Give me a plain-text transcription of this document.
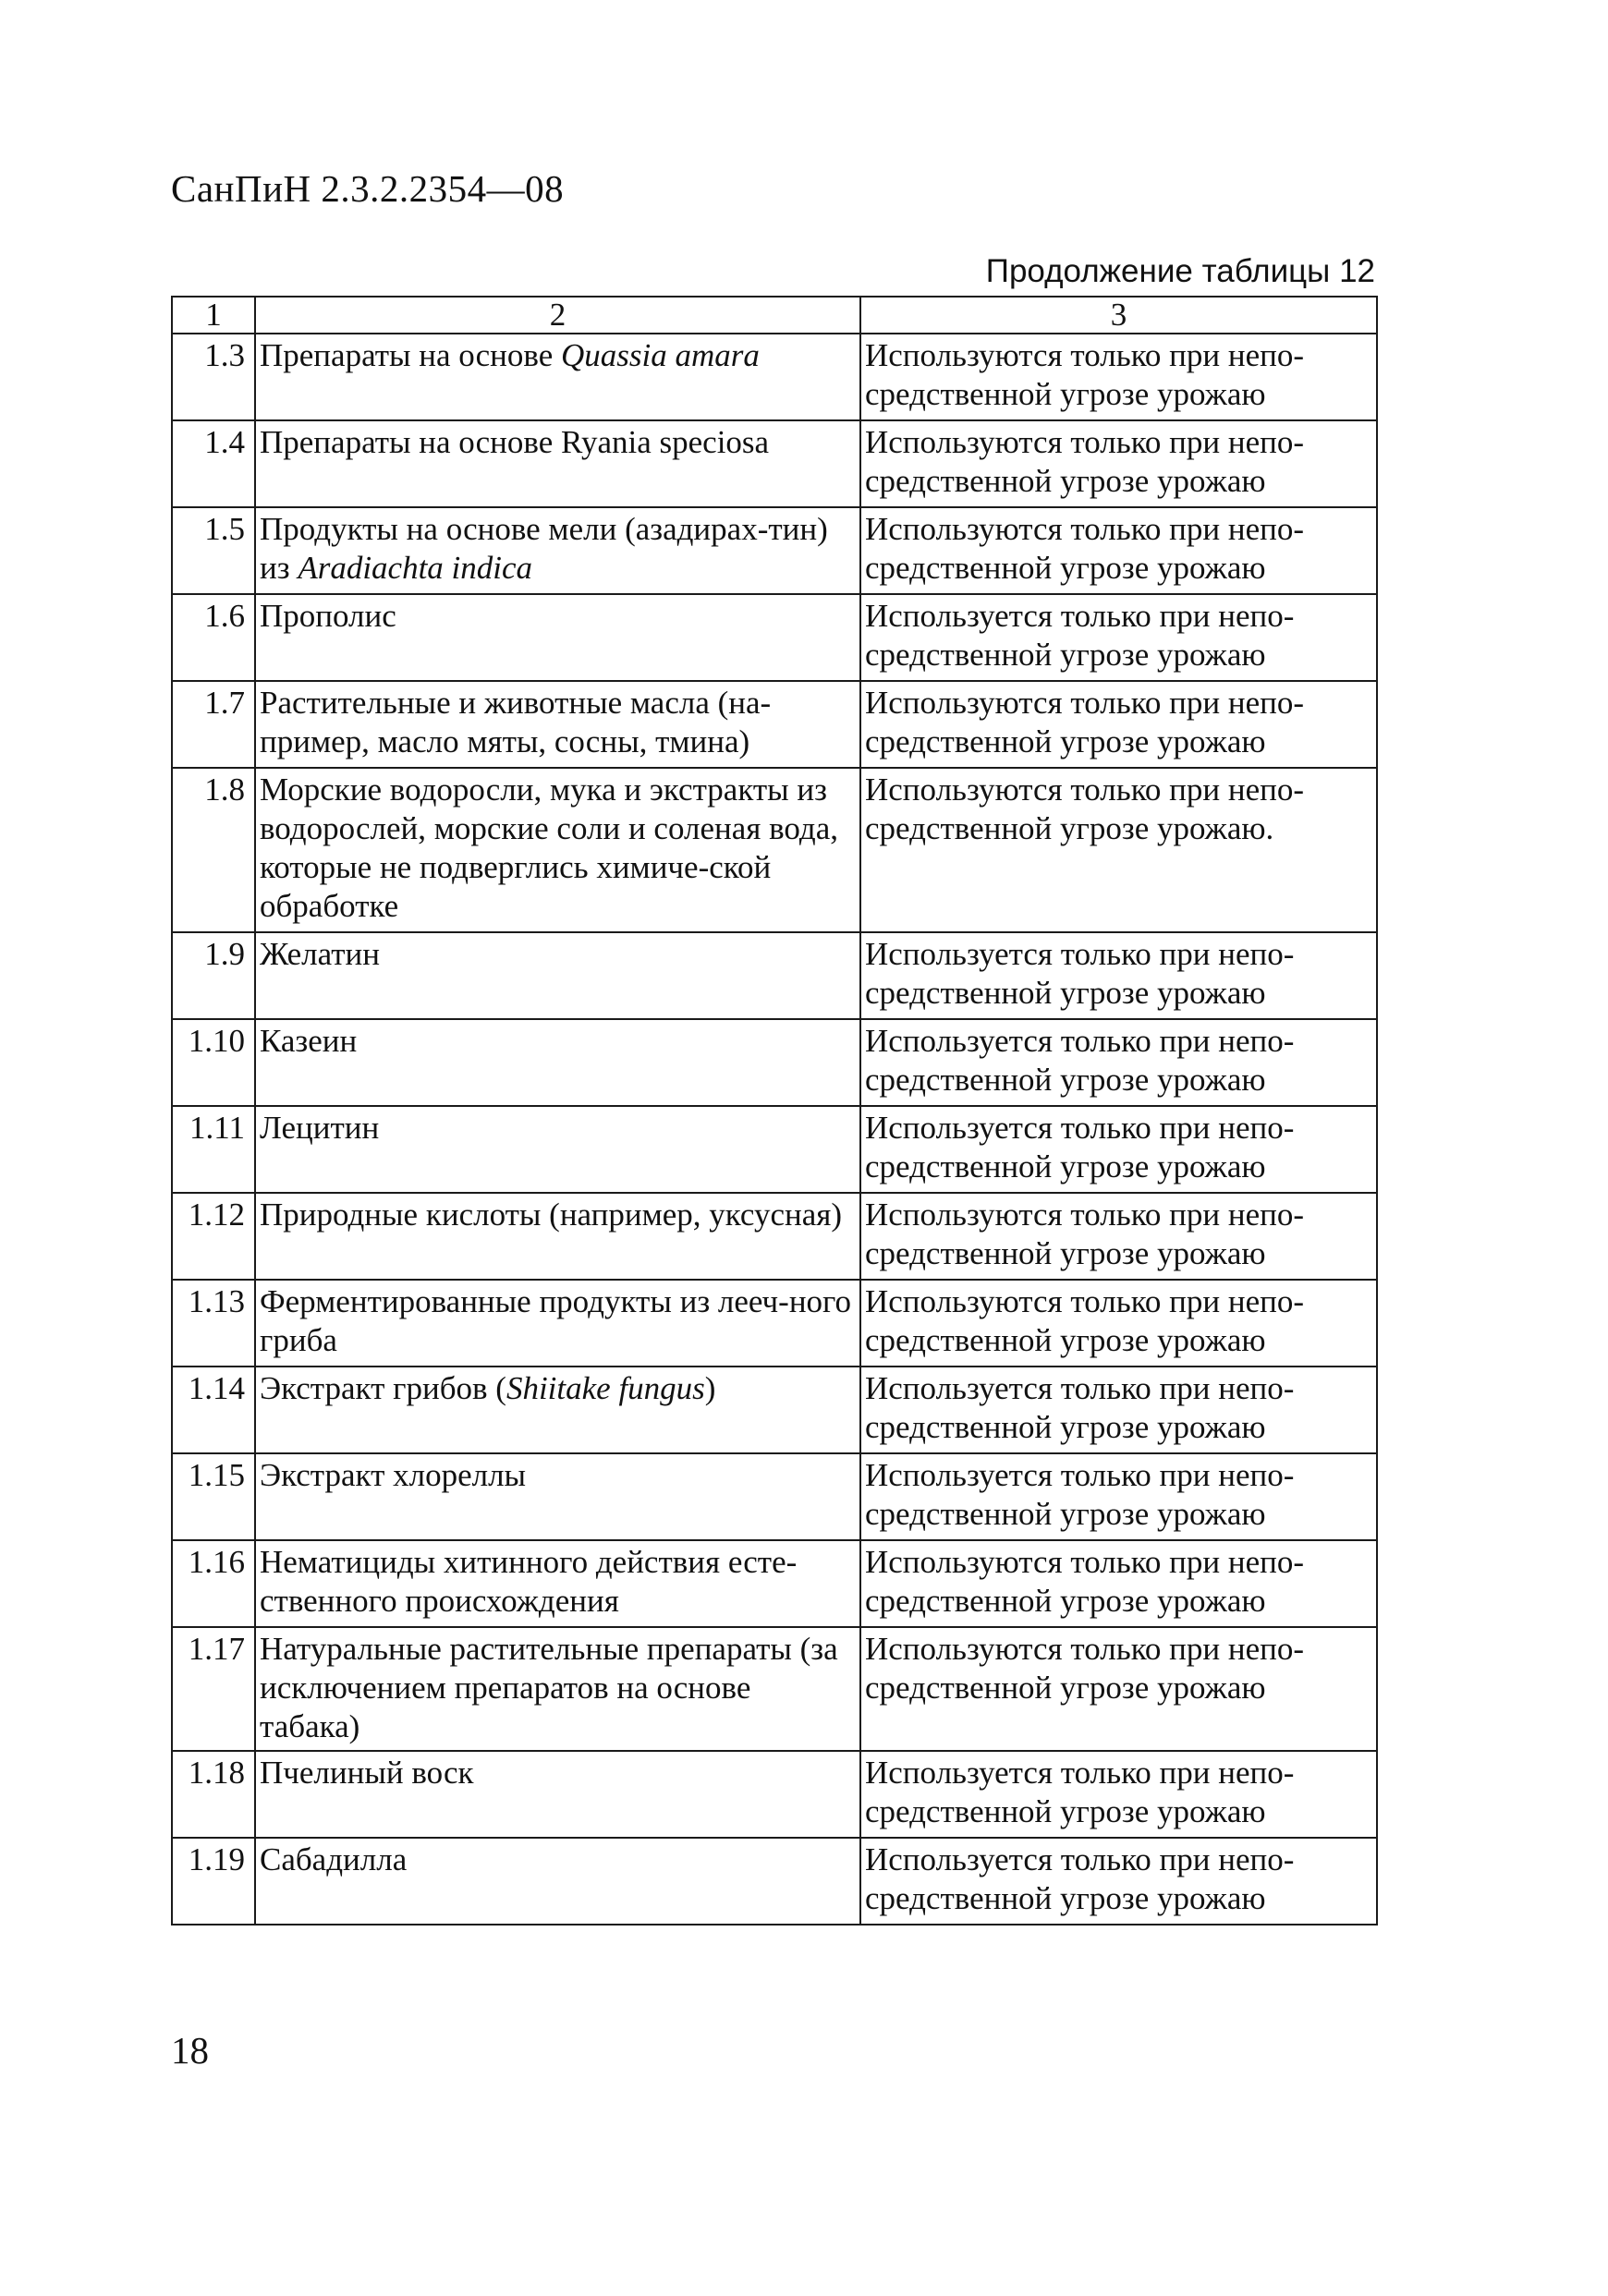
СанПиН 2.3.2.2354—08
Продолжение таблицы 12
1	2	3
1.3	Препараты на основе Quassia amara	Используются только при непо-средственной угрозе урожаю
1.4	Препараты на основе Ryania speciosa	Используются только при непо-средственной угрозе урожаю
1.5	Продукты на основе мели (азадирах-тин) из Aradiachta indica	Используются только при непо-средственной угрозе урожаю
1.6	Прополис	Используется только при непо-средственной угрозе урожаю
1.7	Растительные и животные масла (на-пример, масло мяты, сосны, тмина)	Используются только при непо-средственной угрозе урожаю
1.8	Морские водоросли, мука и экстракты из водорослей, морские соли и соленая вода, которые не подверглись химиче-ской обработке	Используются только при непо-средственной угрозе урожаю.
1.9	Желатин	Используется только при непо-средственной угрозе урожаю
1.10	Казеин	Используется только при непо-средственной угрозе урожаю
1.11	Лецитин	Используется только при непо-средственной угрозе урожаю
1.12	Природные кислоты (например, уксусная)	Используются только при непо-средственной угрозе урожаю
1.13	Ферментированные продукты из лееч-ного гриба	Используются только при непо-средственной угрозе урожаю
1.14	Экстракт грибов (Shiitake fungus)	Используется только при непо-средственной угрозе урожаю
1.15	Экстракт хлореллы	Используется только при непо-средственной угрозе урожаю
1.16	Нематициды хитинного действия есте-ственного происхождения	Используются только при непо-средственной угрозе урожаю
1.17	Натуральные растительные препараты (за исключением препаратов на основе табака)	Используются только при непо-средственной угрозе урожаю
1.18	Пчелиный воск	Используется только при непо-средственной угрозе урожаю
1.19	Сабадилла	Используется только при непо-средственной угрозе урожаю
18
